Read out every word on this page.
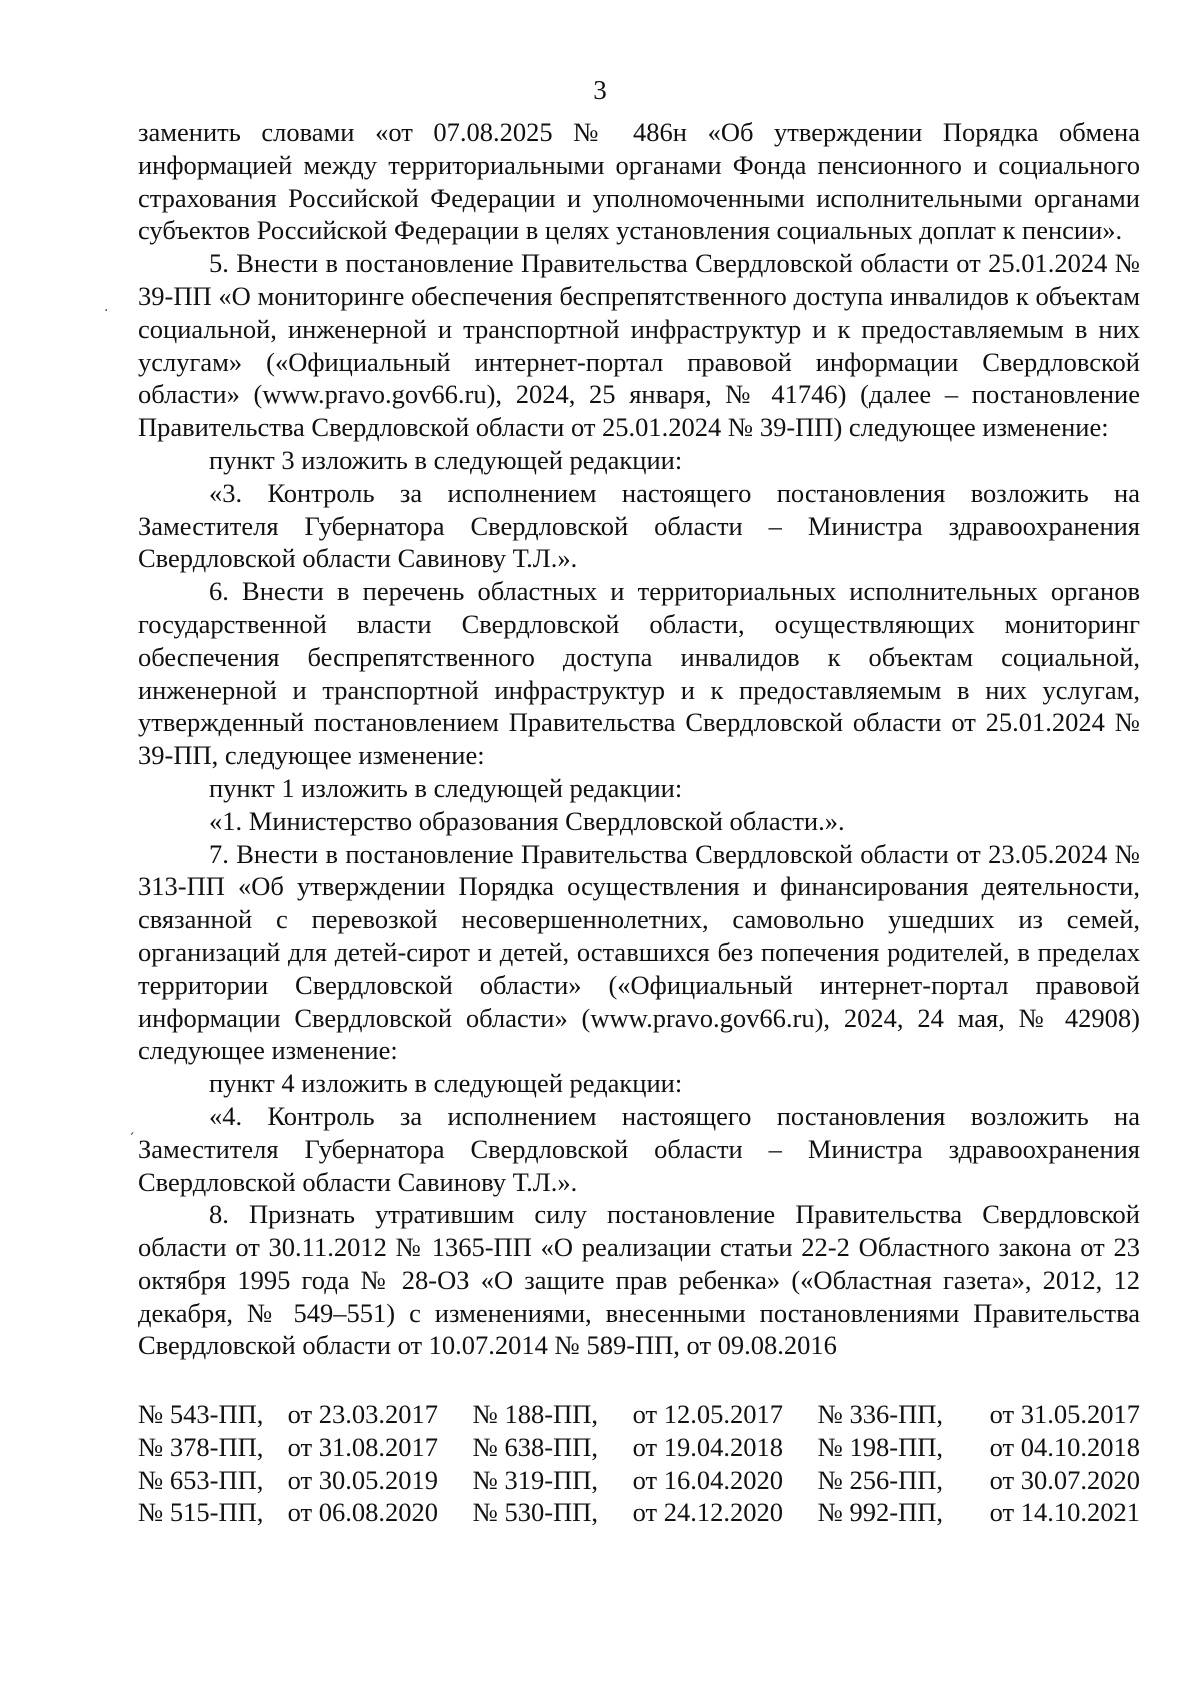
3

заменить словами «от 07.08.2025 № 486н «Об утверждении Порядка обмена информацией между территориальными органами Фонда пенсионного и социального страхования Российской Федерации и уполномоченными исполнительными органами субъектов Российской Федерации в целях установления социальных доплат к пенсии».

5. Внести в постановление Правительства Свердловской области от 25.01.2024 № 39-ПП «О мониторинге обеспечения беспрепятственного доступа инвалидов к объектам социальной, инженерной и транспортной инфраструктур и к предоставляемым в них услугам» («Официальный интернет-портал правовой информации Свердловской области» (www.pravo.gov66.ru), 2024, 25 января, № 41746) (далее – постановление Правительства Свердловской области от 25.01.2024 № 39-ПП) следующее изменение:

пункт 3 изложить в следующей редакции:

«3. Контроль за исполнением настоящего постановления возложить на Заместителя Губернатора Свердловской области – Министра здравоохранения Свердловской области Савинову Т.Л.».

6. Внести в перечень областных и территориальных исполнительных органов государственной власти Свердловской области, осуществляющих мониторинг обеспечения беспрепятственного доступа инвалидов к объектам социальной, инженерной и транспортной инфраструктур и к предоставляемым в них услугам, утвержденный постановлением Правительства Свердловской области от 25.01.2024 № 39-ПП, следующее изменение:

пункт 1 изложить в следующей редакции:

«1. Министерство образования Свердловской области.».

7. Внести в постановление Правительства Свердловской области от 23.05.2024 № 313-ПП «Об утверждении Порядка осуществления и финансирования деятельности, связанной с перевозкой несовершеннолетних, самовольно ушедших из семей, организаций для детей-сирот и детей, оставшихся без попечения родителей, в пределах территории Свердловской области» («Официальный интернет-портал правовой информации Свердловской области» (www.pravo.gov66.ru), 2024, 24 мая, № 42908) следующее изменение:

пункт 4 изложить в следующей редакции:

«4. Контроль за исполнением настоящего постановления возложить на Заместителя Губернатора Свердловской области – Министра здравоохранения Свердловской области Савинову Т.Л.».

8. Признать утратившим силу постановление Правительства Свердловской области от 30.11.2012 № 1365-ПП «О реализации статьи 22-2 Областного закона от 23 октября 1995 года № 28-ОЗ «О защите прав ребенка» («Областная газета», 2012, 12 декабря, № 549–551) с изменениями, внесенными постановлениями Правительства Свердловской области от 10.07.2014 № 589-ПП, от 09.08.2016

№ 543-ПП,	от 23.03.2017	№ 188-ПП,	от 12.05.2017	№ 336-ПП,	от 31.05.2017
№ 378-ПП,	от 31.08.2017	№ 638-ПП,	от 19.04.2018	№ 198-ПП,	от 04.10.2018
№ 653-ПП,	от 30.05.2019	№ 319-ПП,	от 16.04.2020	№ 256-ПП,	от 30.07.2020
№ 515-ПП,	от 06.08.2020	№ 530-ПП,	от 24.12.2020	№ 992-ПП,	от 14.10.2021
·
ˊ
